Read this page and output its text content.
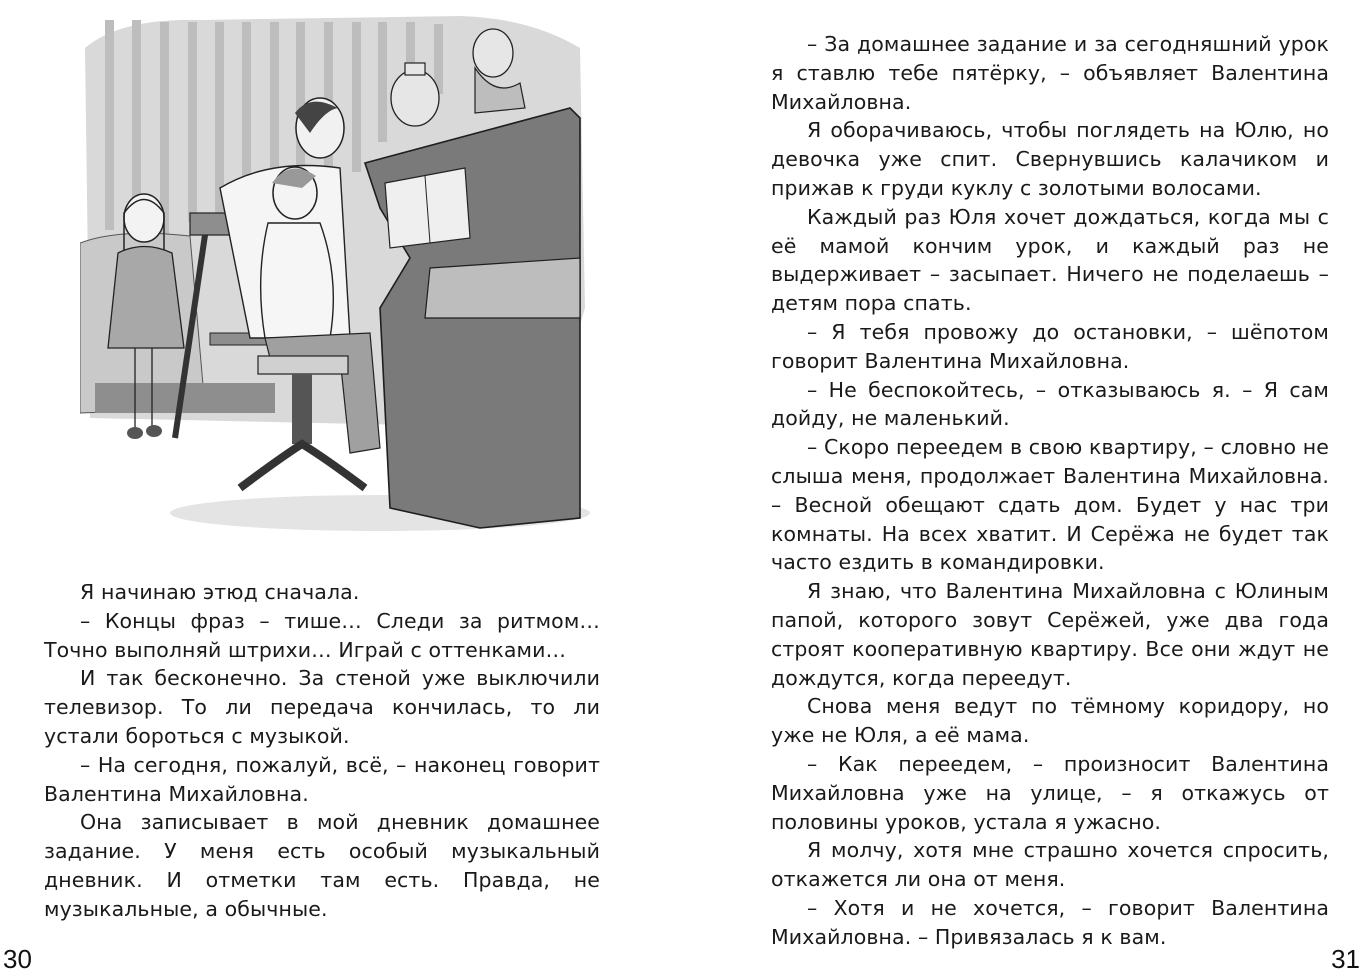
Я начинаю этюд сначала.

– Концы фраз – тише… Следи за ритмом… Точно выполняй штрихи… Играй с оттенками…

И так бесконечно. За стеной уже выключили телевизор. То ли передача кончилась, то ли устали бороться с музыкой.

– На сегодня, пожалуй, всё, – наконец говорит Валентина Михайловна.

Она записывает в мой дневник домашнее задание. У меня есть особый музыкальный дневник. И отметки там есть. Правда, не музыкальные, а обычные.

30

– За домашнее задание и за сегодняшний урок я ставлю тебе пятёрку, – объявляет Валентина Михайловна.

Я оборачиваюсь, чтобы поглядеть на Юлю, но девочка уже спит. Свернувшись калачиком и прижав к груди куклу с золотыми волосами.

Каждый раз Юля хочет дождаться, когда мы с её мамой кончим урок, и каждый раз не выдерживает – засыпает. Ничего не поделаешь – детям пора спать.

– Я тебя провожу до остановки, – шёпотом говорит Валентина Михайловна.

– Не беспокойтесь, – отказываюсь я. – Я сам дойду, не маленький.

– Скоро переедем в свою квартиру, – словно не слыша меня, продолжает Валентина Михайловна. – Весной обещают сдать дом. Будет у нас три комнаты. На всех хватит. И Серёжа не будет так часто ездить в командировки.

Я знаю, что Валентина Михайловна с Юлиным папой, которого зовут Серёжей, уже два года строят кооперативную квартиру. Все они ждут не дождутся, когда переедут.

Снова меня ведут по тёмному коридору, но уже не Юля, а её мама.

– Как переедем, – произносит Валентина Михайловна уже на улице, – я откажусь от половины уроков, устала я ужасно.

Я молчу, хотя мне страшно хочется спросить, откажется ли она от меня.

– Хотя и не хочется, – говорит Валентина Михайловна. – Привязалась я к вам.

31
